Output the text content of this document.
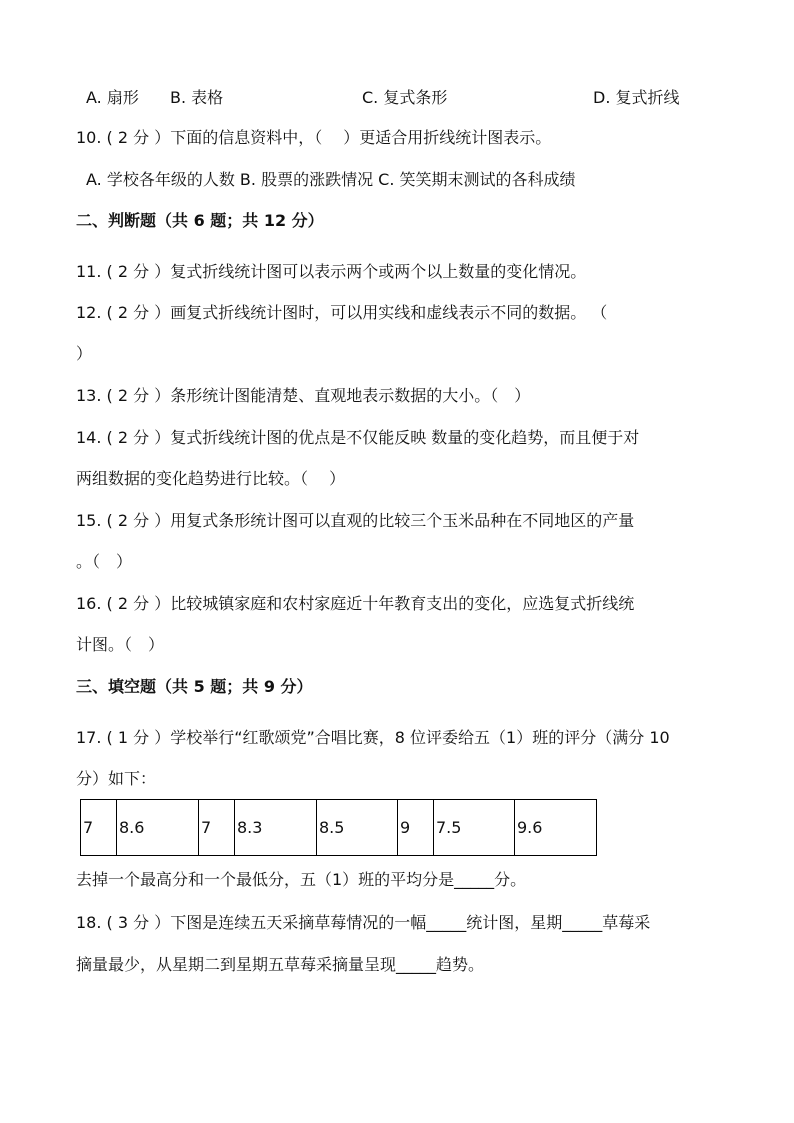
A. 扇形 B. 表格	C. 复式条形	D. 复式折线
10. ( 2 分 ）下面的信息资料中，（　 ）更适合用折线统计图表示。
A. 学校各年级的人数 B. 股票的涨跌情况 C. 笑笑期末测试的各科成绩
二、判断题（共 6 题；共 12 分）
11. ( 2 分 ）复式折线统计图可以表示两个或两个以上数量的变化情况。
12. ( 2 分 ）画复式折线统计图时，可以用实线和虚线表示不同的数据。 （
）
13. ( 2 分 ）条形统计图能清楚、直观地表示数据的大小。（　）
14. ( 2 分 ）复式折线统计图的优点是不仅能反映 数量的变化趋势，而且便于对
两组数据的变化趋势进行比较。（　 ）
15. ( 2 分 ）用复式条形统计图可以直观的比较三个玉米品种在不同地区的产量
。（　）
16. ( 2 分 ）比较城镇家庭和农村家庭近十年教育支出的变化，应选复式折线统
计图。（　）
三、填空题（共 5 题；共 9 分）
17. ( 1 分 ）学校举行“红歌颂党”合唱比赛，8 位评委给五（1）班的评分（满分 10
分）如下：
7	8.6	7	8.3	8.5	9	7.5	9.6
去掉一个最高分和一个最低分，五（1）班的平均分是_____分。
18. ( 3 分 ）下图是连续五天采摘草莓情况的一幅_____统计图，星期_____草莓采
摘量最少，从星期二到星期五草莓采摘量呈现_____趋势。
